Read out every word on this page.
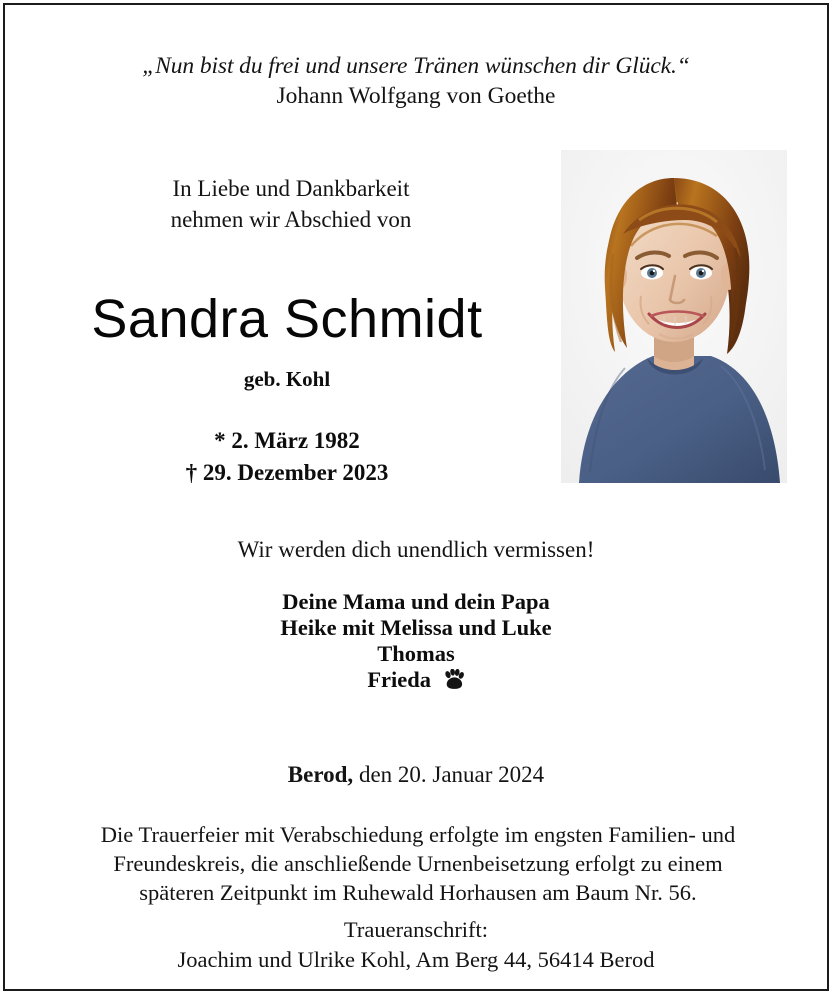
„Nun bist du frei und unsere Tränen wünschen dir Glück.“
Johann Wolfgang von Goethe
In Liebe und Dankbarkeit
nehmen wir Abschied von
Sandra Schmidt
geb. Kohl
* 2. März 1982
† 29. Dezember 2023
Wir werden dich unendlich vermissen!
Deine Mama und dein Papa
Heike mit Melissa und Luke
Thomas
Frieda
Berod, den 20. Januar 2024
Die Trauerfeier mit Verabschiedung erfolgte im engsten Familien- und
Freundeskreis, die anschließende Urnenbeisetzung erfolgt zu einem
späteren Zeitpunkt im Ruhewald Horhausen am Baum Nr. 56.
Traueranschrift:
Joachim und Ulrike Kohl, Am Berg 44, 56414 Berod
